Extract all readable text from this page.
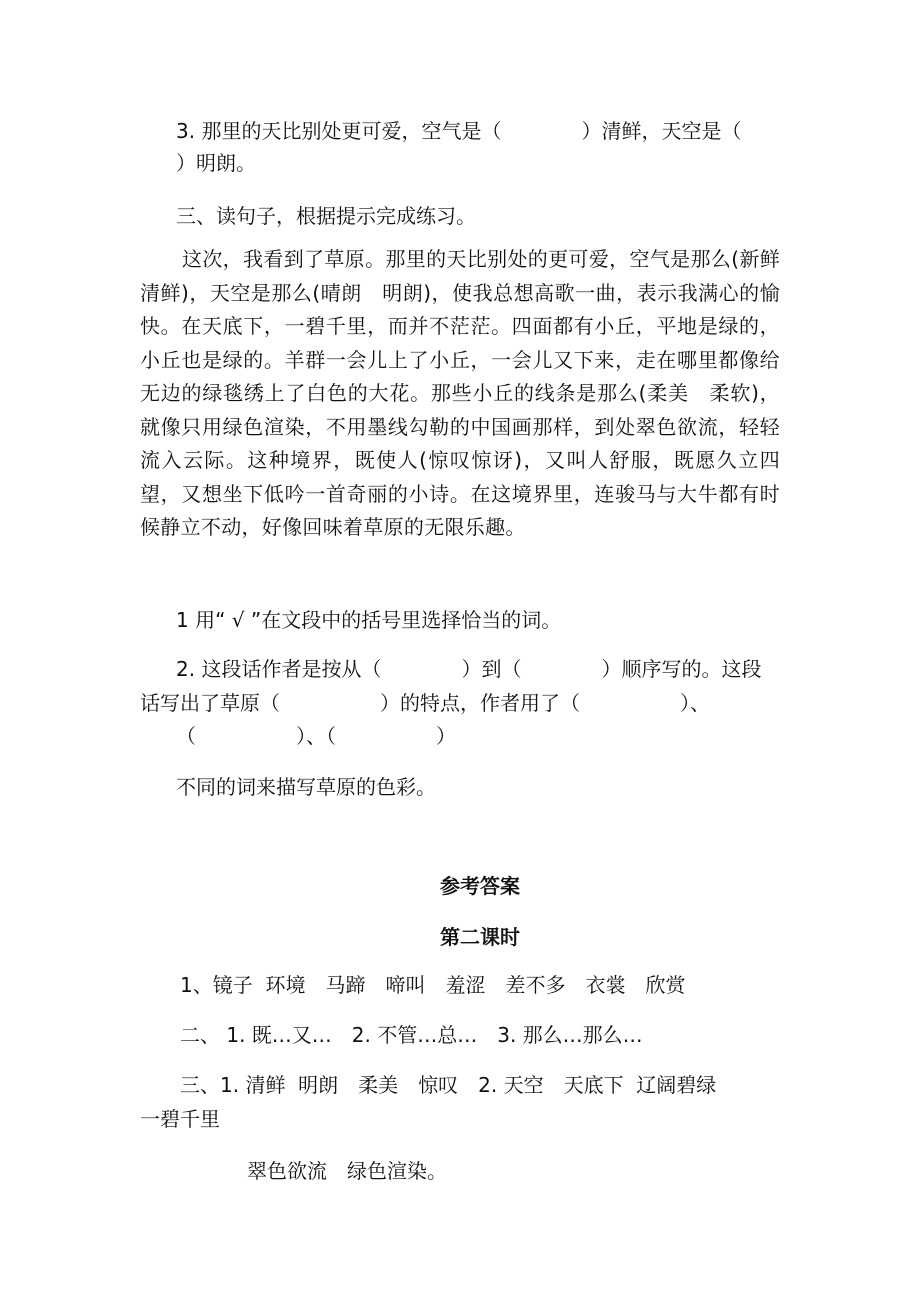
3. 那里的天比别处更可爱，空气是（　　　　）清鲜，天空是（
）明朗。
三、读句子，根据提示完成练习。
这次，我看到了草原。那里的天比别处的更可爱，空气是那么(新鲜　清鲜)，天空是那么(晴朗　明朗)，使我总想高歌一曲，表示我满心的愉快。在天底下，一碧千里，而并不茫茫。四面都有小丘，平地是绿的，小丘也是绿的。羊群一会儿上了小丘，一会儿又下来，走在哪里都像给无边的绿毯绣上了白色的大花。那些小丘的线条是那么(柔美　柔软)，就像只用绿色渲染，不用墨线勾勒的中国画那样，到处翠色欲流，轻轻流入云际。这种境界，既使人(惊叹惊讶)，又叫人舒服，既愿久立四望，又想坐下低吟一首奇丽的小诗。在这境界里，连骏马与大牛都有时候静立不动，好像回味着草原的无限乐趣。
1 用“ √ ”在文段中的括号里选择恰当的词。
2. 这段话作者是按从（　　　　）到（　　　　）顺序写的。这段
话写出了草原（　　　　　）的特点，作者用了（　　　　　）、
（　　　　　）、（　　　　　）
不同的词来描写草原的色彩。
参考答案
第二课时
1、镜子  环境　马蹄　啼叫　羞涩　差不多　衣裳　欣赏
二、 1. 既…又…　2. 不管…总…　3. 那么…那么…
三、1. 清鲜  明朗　柔美　惊叹　2. 天空　天底下  辽阔碧绿
一碧千里
翠色欲流　绿色渲染。
